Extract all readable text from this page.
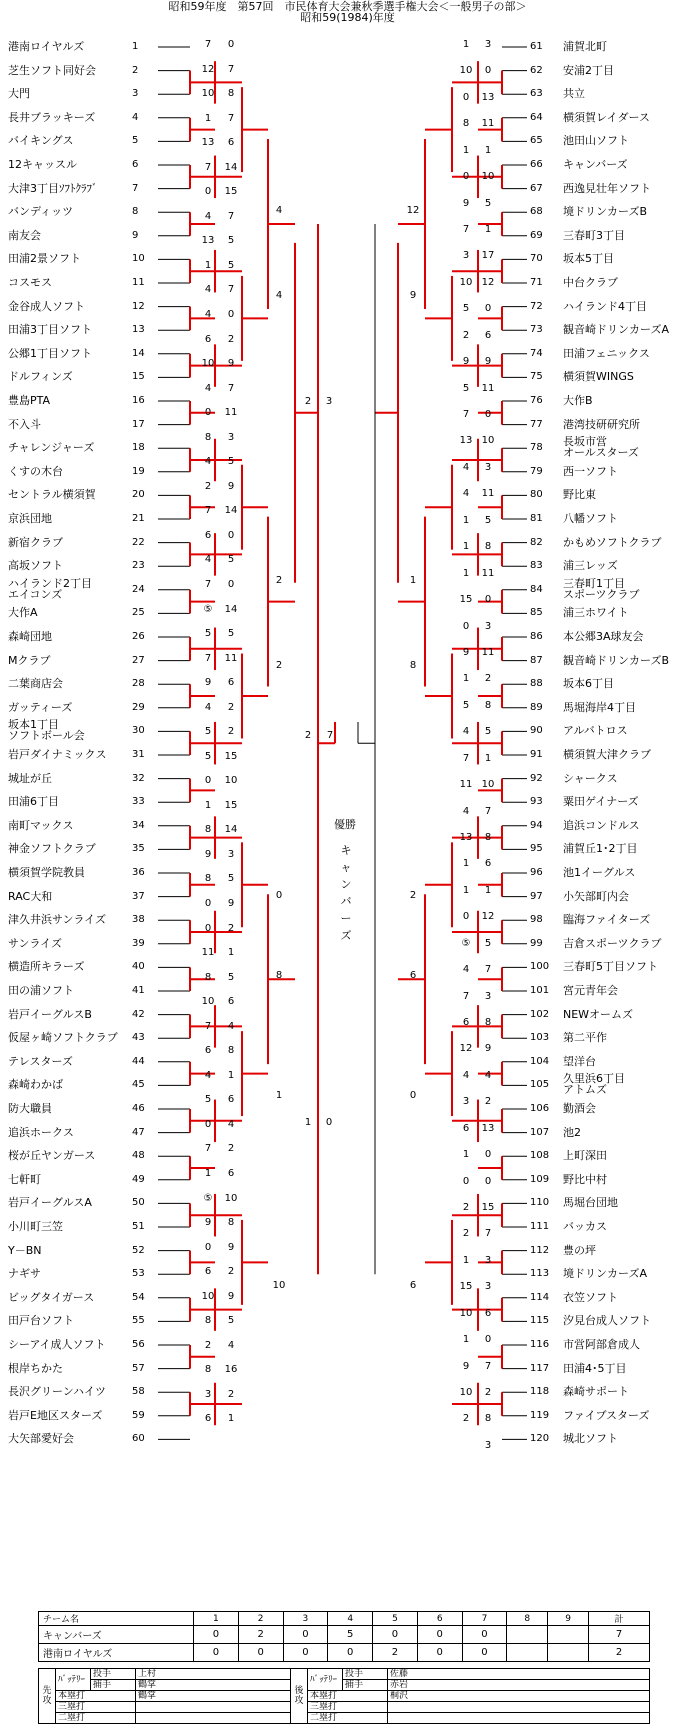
昭和59年度　第57回　市民体育大会兼秋季選手権大会＜一般男子の部＞
昭和59(1984)年度
港南ロイヤルズ	1
芝生ソフト同好会	2
大門	3
長井ブラッキーズ	4
バイキングス	5
12キャッスル	6
大津3丁目ｿﾌﾄｸﾗﾌﾞ	7
バンディッツ	8
南友会	9
田浦2景ソフト	10
コスモス	11
金谷成人ソフト	12
田浦3丁目ソフト	13
公郷1丁目ソフト	14
ドルフィンズ	15
豊島PTA	16
不入斗	17
チャレンジャーズ	18
くすの木台	19
セントラル横須賀	20
京浜団地	21
新宿クラブ	22
高坂ソフト	23
ハイランド2丁目
エイコンズ	24
大作A	25
森崎団地	26
Mクラブ	27
二葉商店会	28
ガッティーズ	29
坂本1丁目
ソフトボール会	30
岩戸ダイナミックス	31
城址が丘	32
田浦6丁目	33
南町マックス	34
神金ソフトクラブ	35
横須賀学院教員	36
RAC大和	37
津久井浜サンライズ	38
サンライズ	39
横造所キラーズ	40
田の浦ソフト	41
岩戸イーグルスB	42
仮屋ヶ崎ソフトクラブ 43
テレスターズ	44
森崎わかば	45
防大職員	46
追浜ホークス	47
桜が丘ヤンガース	48
七軒町	49
岩戸イーグルスA	50
小川町三笠	51
Y－BN	52
ナギサ	53
ビッグタイガース	54
田戸台ソフト	55
シーアイ成人ソフト	56
根岸ちかた	57
長沢グリーンハイツ	58
岩戸E地区スターズ	59
大矢部愛好会	60
61 浦賀北町
62 安浦2丁目
63 共立
64 横須賀レイダース
65 池田山ソフト
66 キャンバーズ
67 西逸見壮年ソフト
68 境ドリンカーズB
69 三春町3丁目
70 坂本5丁目
71 中台クラブ
72 ハイランド4丁目
73 観音崎ドリンカーズA
74 田浦フェニックス
75 横須賀WINGS
76 大作B
77 港湾技研研究所
78 長坂市営
オールスターズ
79 西一ソフト
80 野比東
81 八幡ソフト
82 かもめソフトクラブ
83 浦三レッズ
84 三春町1丁目
スポーツクラブ
85 浦三ホワイト
86 本公郷3A球友会
87 観音崎ドリンカーズB
88 坂本6丁目
89 馬堀海岸4丁目
90 アルバトロス
91 横須賀大津クラブ
92 シャークス
93 粟田ゲイナーズ
94 追浜コンドルス
95 浦賀丘1･2丁目
96 池1イーグルス
97 小矢部町内会
98 臨海ファイターズ
99 吉倉スポーツクラブ
100 三春町5丁目ソフト
101 宮元青年会
102 NEWオームズ
103 第二平作
104 望洋台
105 久里浜6丁目
アトムズ
106 勤酒会
107 池2
108 上町深田
109 野比中村
110 馬堀台団地
111 バッカス
112 豊の坪
113 境ドリンカーズA
114 衣笠ソフト
115 汐見台成人ソフト
116 市営阿部倉成人
117 田浦4･5丁目
118 森崎サポート
119 ファイブスターズ
120 城北ソフト
7	0
12	7
10	8
1	7
13	6
7	14
0	15
4	7
13	5
1	5
4	7
4	0
6	2
10	9
4	7
0	11
8	3
4	5
2	9
7	14
6	0
4	5
7	0
⑤	14
5	5
7	11
9	6
4	2
5	2
5	15
0	10
1	15
8	14
9	3
8	5
0	9
0	2
11	1
8	5
10	6
7	4
6	8
4	1
5	6
0	4
7	2
1	6
⑤	10
9	8
0	9
6	2
10	9
8	5
2	4
8	16
3	2
6	1
3
1
0
10
13
0
11
8
1
1
10
0
5
9
1
7
17
3
12
10
0
5
6
2
9
9
11
5
0
7
10
13
3
4
11
4
5
1
8
1
11
1
0
15
3
0
11
9
2
1
8
5
5
4
1
7
10
11
7
4
8
13
6
1
1
1
12
0
5
⑤
7
4
3
7
8
6
9
12
4
4
2
3
13
6
0
1
0
0
15
2
7
2
3
1
3
15
6
10
0
1
7
9
2
10
8
2
3
4
4
2
2
0
8
1
10
12
9
1
8
2
6
0
6
2	3
1	0
2	7
優勝
キャンバーズ
チーム名	1	2	3	4	5	6	7	8	9	計
キャンバーズ	0	2	0	5	0	0	0			7
港南ロイヤルズ	0	0	0	0	2	0	0			2
先攻	ﾊﾞｯﾃﾘｰ	投手	上村	後攻	ﾊﾞｯﾃﾘｰ	投手	佐藤
		捕手	鶴掌			捕手	赤岩
	本塁打		鶴掌		本塁打		桐沢
	三塁打				三塁打		
	二塁打				二塁打		
